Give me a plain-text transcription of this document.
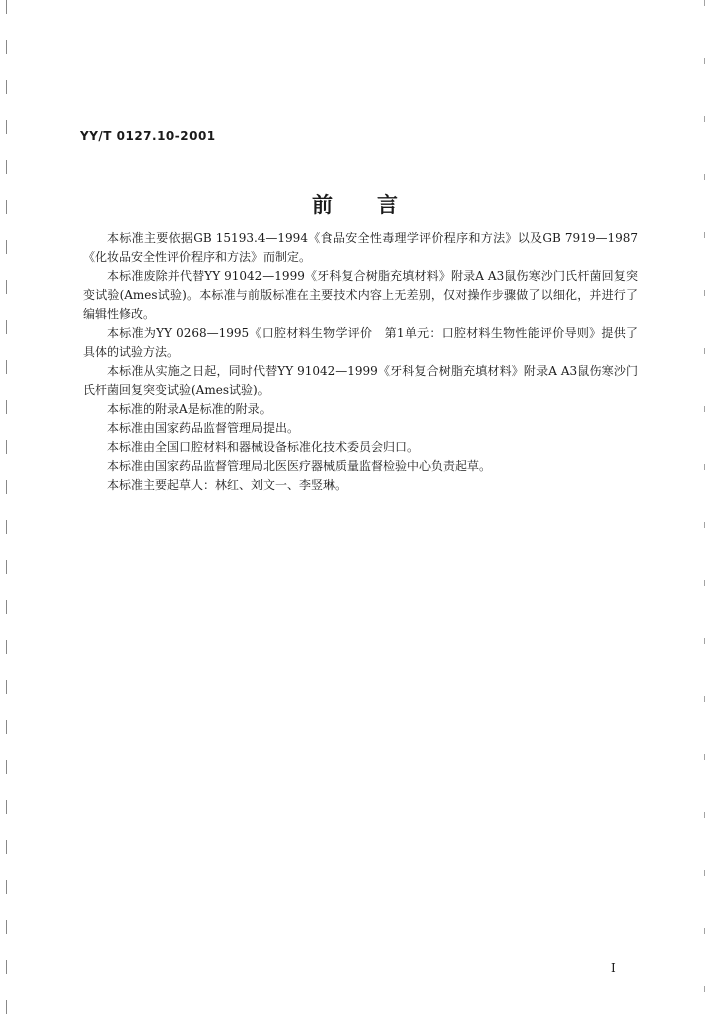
YY/T 0127.10-2001
前言

本标准主要依据GB 15193.4—1994《食品安全性毒理学评价程序和方法》以及GB 7919—1987《化妆品安全性评价程序和方法》而制定。

本标准废除并代替YY 91042—1999《牙科复合树脂充填材料》附录A A3鼠伤寒沙门氏杆菌回复突变试验(Ames试验)。本标准与前版标准在主要技术内容上无差别，仅对操作步骤做了以细化，并进行了编辑性修改。

本标准为YY 0268—1995《口腔材料生物学评价　第1单元：口腔材料生物性能评价导则》提供了具体的试验方法。

本标准从实施之日起，同时代替YY 91042—1999《牙科复合树脂充填材料》附录A A3鼠伤寒沙门氏杆菌回复突变试验(Ames试验)。

本标准的附录A是标准的附录。

本标准由国家药品监督管理局提出。

本标准由全国口腔材料和器械设备标准化技术委员会归口。

本标准由国家药品监督管理局北医医疗器械质量监督检验中心负责起草。

本标准主要起草人：林红、刘文一、李竖琳。

I
